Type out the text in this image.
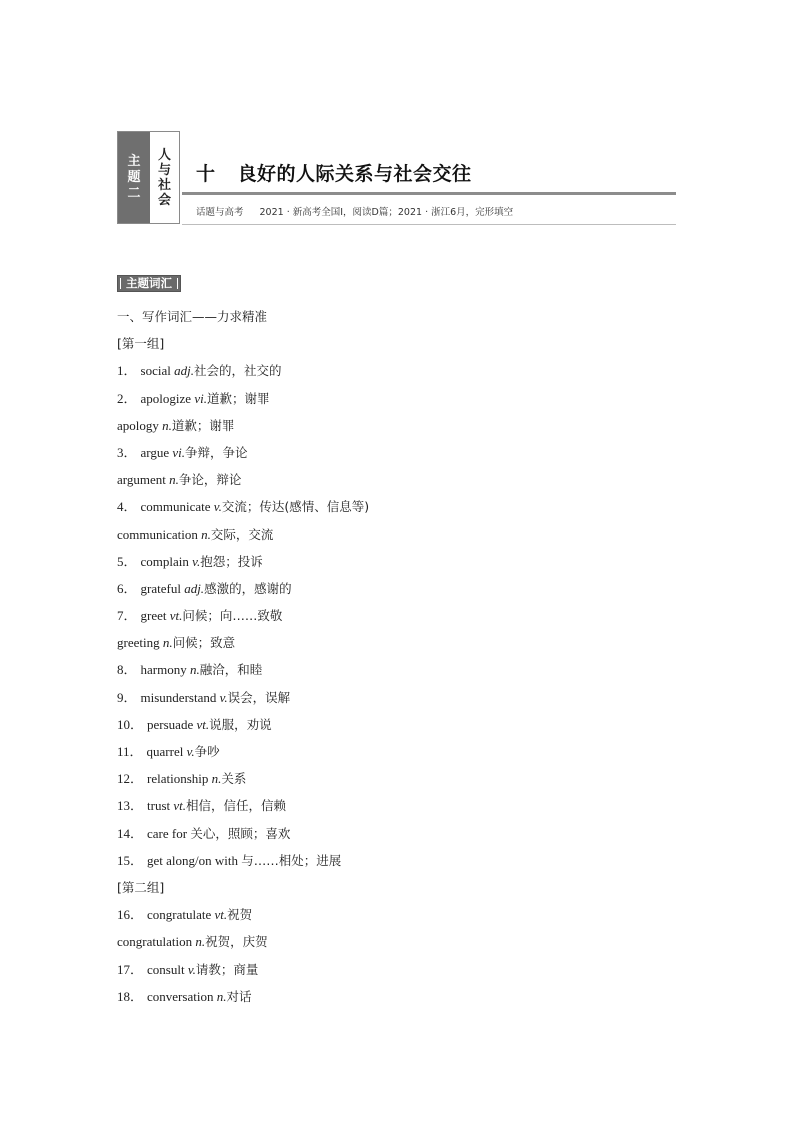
主
题
二
人
与
社
会
十 良好的人际关系与社会交往
话题与高考 2021 · 新高考全国Ⅰ，阅读D篇；2021 · 浙江6月，完形填空
主题词汇
一、写作词汇——力求精准
[第一组]
1． social adj.社会的，社交的
2． apologize vi.道歉；谢罪
apology n.道歉；谢罪
3． argue vi.争辩，争论
argument n.争论，辩论
4． communicate v.交流；传达(感情、信息等)
communication n.交际，交流
5． complain v.抱怨；投诉
6． grateful adj.感激的，感谢的
7． greet vt.问候；向……致敬
greeting n.问候；致意
8． harmony n.融洽，和睦
9． misunderstand v.误会，误解
10． persuade vt.说服，劝说
11． quarrel v.争吵
12． relationship n.关系
13． trust vt.相信，信任，信赖
14． care for 关心，照顾；喜欢
15． get along/on with 与……相处；进展
[第二组]
16． congratulate vt.祝贺
congratulation n.祝贺，庆贺
17． consult v.请教；商量
18． conversation n.对话
